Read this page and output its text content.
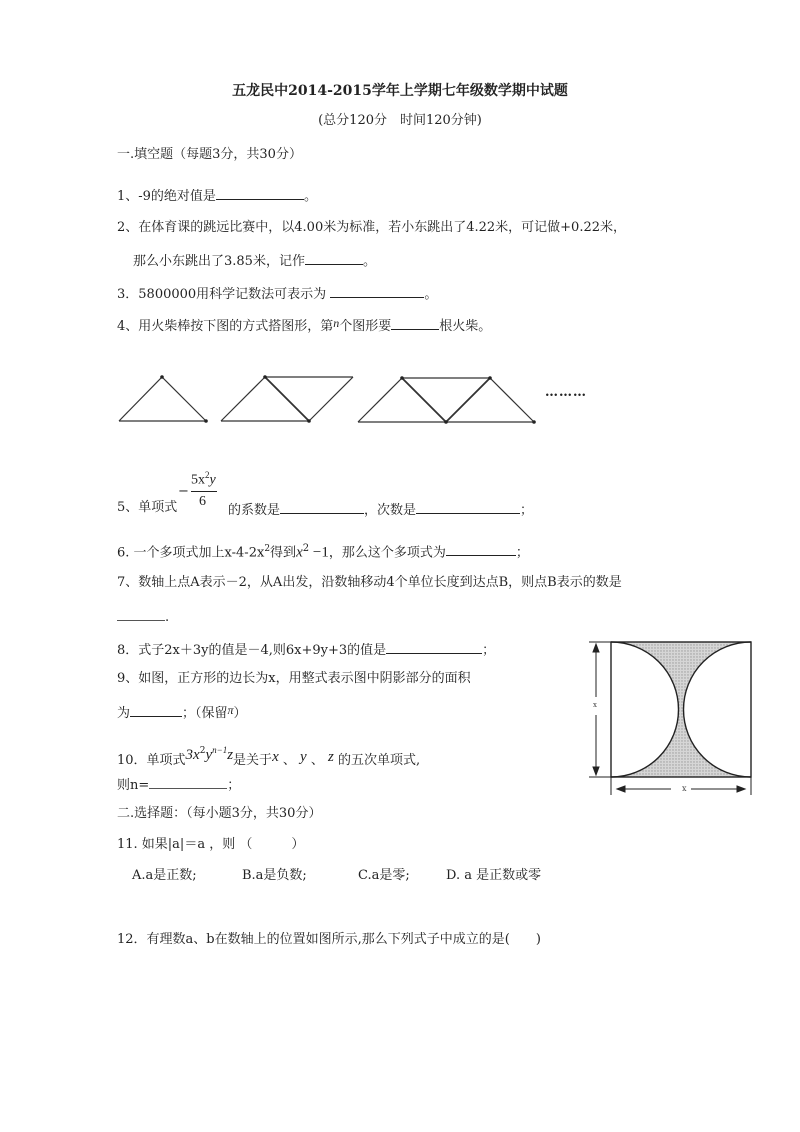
五龙民中2014-2015学年上学期七年级数学期中试题
(总分120分　时间120分钟)
一.填空题（每题3分，共30分）
1、-9的绝对值是	。
2、在体育课的跳远比赛中，以4.00米为标准，若小东跳出了4.22米，可记做+0.22米，
那么小东跳出了3.85米，记作	。
3．5800000用科学记数法可表示为	。
4、用火柴棒按下图的方式搭图形，第n个图形要	根火柴。
………
5、单项式
−
$5x^2y$
6
的系数是	，次数是	；
6. 一个多项式加上$x-4-2x^2$得到$x^2 -1$，那么这个多项式为	；
7、数轴上点A表示－2，从A出发，沿数轴移动4个单位长度到达点B，则点B表示的数是
.
8．式子2x＋3y的值是－4,则6x+9y+3的值是	；
9、如图，正方形的边长为x，用整式表示图中阴影部分的面积
为	；（保留π）
x
x
10．单项式$3x^2y^{n-1}z$是关于x 、 y 、 z 的五次单项式,
则n=	；
二.选择题：（每小题3分，共30分）
11. 如果|a|＝a ，则 （　　　）
A.a是正数;	B.a是负数;	C.a是零;	D. a 是正数或零
12．有理数a、b在数轴上的位置如图所示,那么下列式子中成立的是(　　)
